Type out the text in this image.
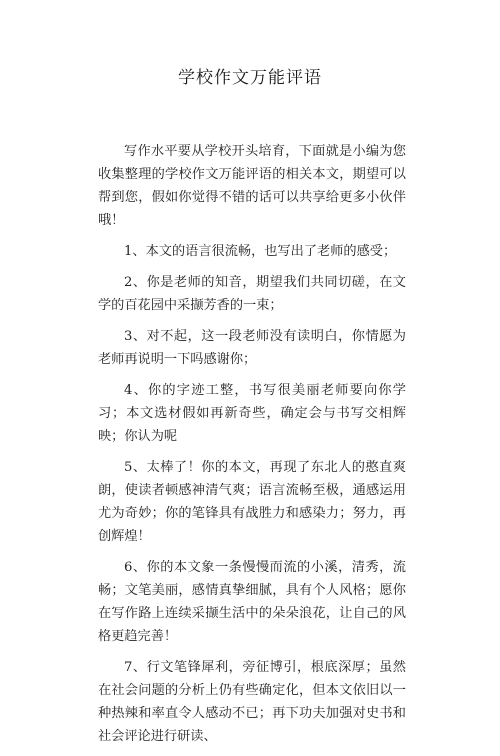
学校作文万能评语

写作水平要从学校开头培育，下面就是小编为您收集整理的学校作文万能评语的相关本文，期望可以帮到您，假如你觉得不错的话可以共享给更多小伙伴哦！

1、本文的语言很流畅，也写出了老师的感受；

2、你是老师的知音，期望我们共同切磋，在文学的百花园中采撷芳香的一束；

3、对不起，这一段老师没有读明白，你情愿为老师再说明一下吗感谢你；

4、你的字迹工整，书写很美丽老师要向你学习；本文选材假如再新奇些，确定会与书写交相辉映；你认为呢

5、太棒了！你的本文，再现了东北人的憨直爽朗，使读者顿感神清气爽；语言流畅至极，通感运用尤为奇妙；你的笔锋具有战胜力和感染力；努力，再创辉煌！

6、你的本文象一条慢慢而流的小溪，清秀，流畅；文笔美丽，感情真挚细腻，具有个人风格；愿你在写作路上连续采撷生活中的朵朵浪花，让自己的风格更趋完善！

7、行文笔锋犀利，旁征博引，根底深厚；虽然在社会问题的分析上仍有些确定化，但本文依旧以一种热辣和率直令人感动不已；再下功夫加强对史书和社会评论进行研读、
